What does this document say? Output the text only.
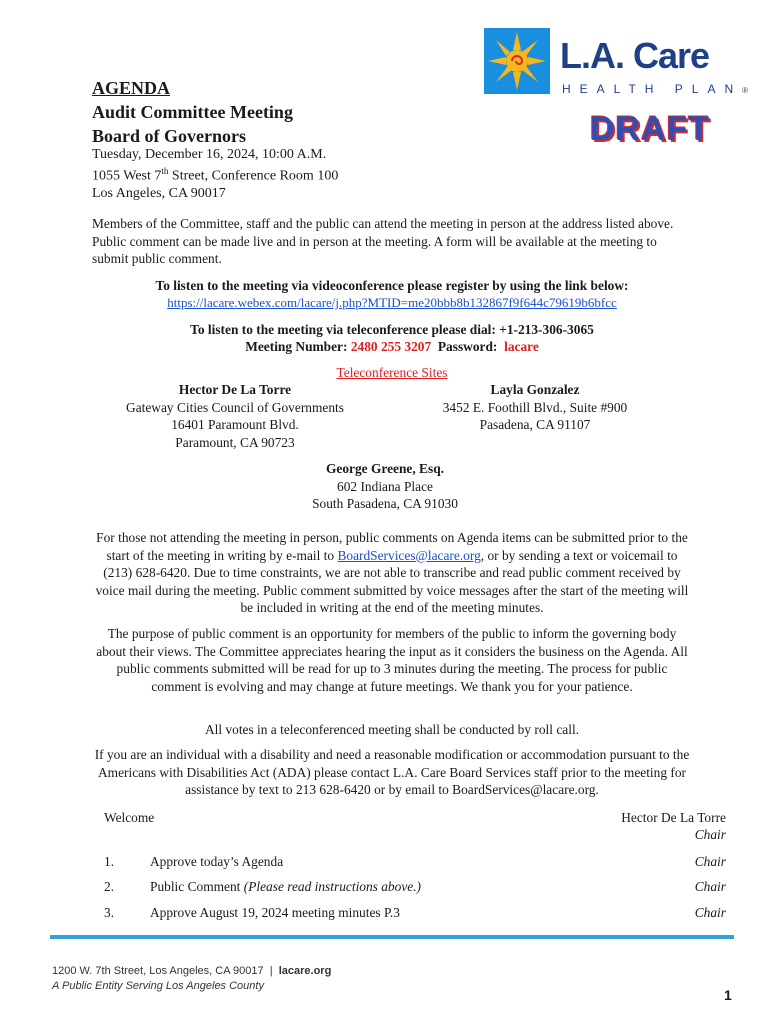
L.A. Care
HEALTH PLAN®
DRAFT
AGENDA
Audit Committee Meeting
Board of Governors
Tuesday, December 16, 2024, 10:00 A.M.
1055 West 7th Street, Conference Room 100
Los Angeles, CA 90017
Members of the Committee, staff and the public can attend the meeting in person at the address listed above. Public comment can be made live and in person at the meeting. A form will be available at the meeting to submit public comment.
To listen to the meeting via videoconference please register by using the link below:
https://lacare.webex.com/lacare/j.php?MTID=me20bbb8b132867f9f644c79619b6bfcc
To listen to the meeting via teleconference please dial: +1-213-306-3065
Meeting Number: 2480 255 3207 Password: lacare
Teleconference Sites
Hector De La Torre
Gateway Cities Council of Governments
16401 Paramount Blvd.
Paramount, CA 90723
Layla Gonzalez
3452 E. Foothill Blvd., Suite #900
Pasadena, CA 91107
George Greene, Esq.
602 Indiana Place
South Pasadena, CA 91030
For those not attending the meeting in person, public comments on Agenda items can be submitted prior to the start of the meeting in writing by e-mail to BoardServices@lacare.org, or by sending a text or voicemail to (213) 628-6420. Due to time constraints, we are not able to transcribe and read public comment received by voice mail during the meeting. Public comment submitted by voice messages after the start of the meeting will be included in writing at the end of the meeting minutes.
The purpose of public comment is an opportunity for members of the public to inform the governing body about their views. The Committee appreciates hearing the input as it considers the business on the Agenda. All public comments submitted will be read for up to 3 minutes during the meeting. The process for public comment is evolving and may change at future meetings. We thank you for your patience.
All votes in a teleconferenced meeting shall be conducted by roll call.
If you are an individual with a disability and need a reasonable modification or accommodation pursuant to the Americans with Disabilities Act (ADA) please contact L.A. Care Board Services staff prior to the meeting for assistance by text to 213 628-6420 or by email to BoardServices@lacare.org.
Welcome	Hector De La Torre
Chair
1.	Approve today’s Agenda	Chair
2.	Public Comment (Please read instructions above.)	Chair
3.	Approve August 19, 2024 meeting minutes P.3	Chair
1200 W. 7th Street, Los Angeles, CA 90017 | lacare.org
A Public Entity Serving Los Angeles County
1
